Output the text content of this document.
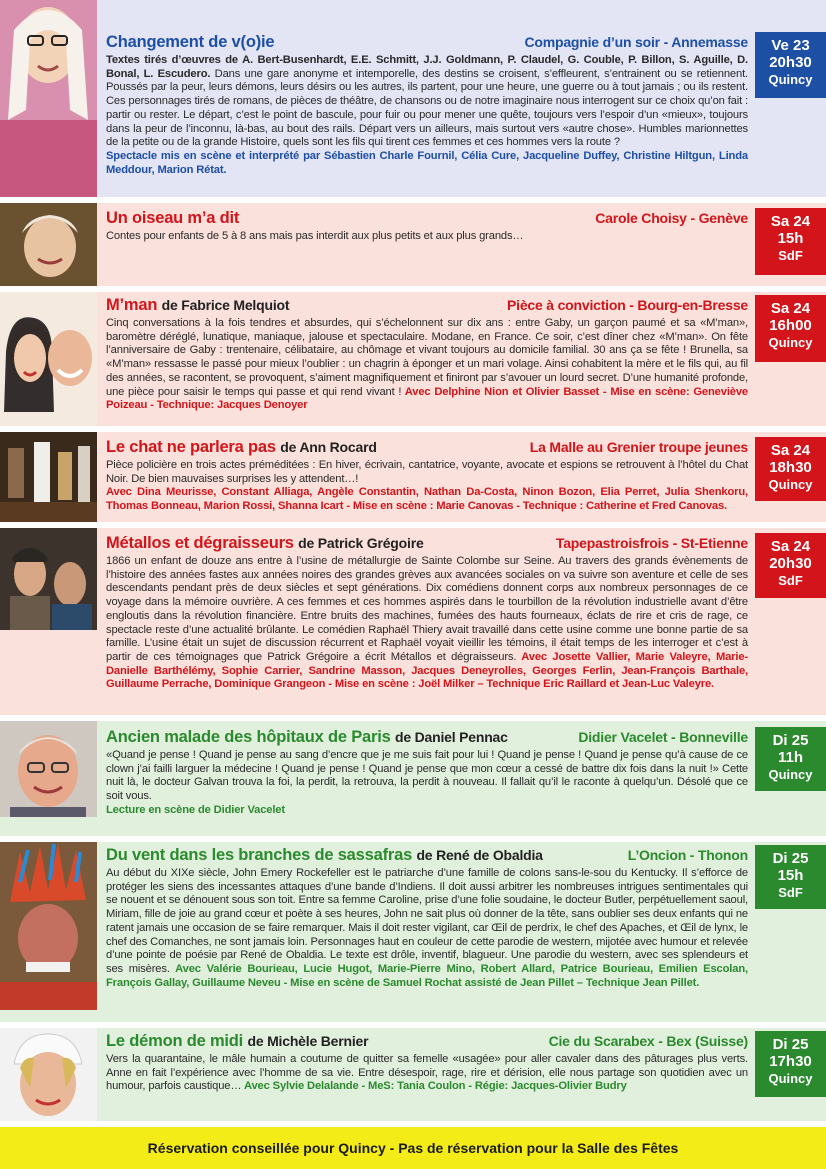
Changement de v(o)ie	Compagnie d’un soir - Annemasse

Textes tirés d’œuvres de A. Bert-Busenhardt, E.E. Schmitt, J.J. Goldmann, P. Claudel, G. Couble, P. Billon, S. Aguille, D. Bonal, L. Escudero. Dans une gare anonyme et intemporelle, des destins se croisent, s’effleurent, s’entrainent ou se retiennent. Poussés par la peur, leurs démons, leurs désirs ou les autres, ils partent, pour une heure, une guerre ou à tout jamais ; ou ils restent. Ces personnages tirés de romans, de pièces de théâtre, de chansons ou de notre imaginaire nous interrogent sur ce choix qu’on fait : partir ou rester. Le départ, c’est le point de bascule, pour fuir ou pour mener une quête, toujours vers l’espoir d’un «mieux», toujours dans la peur de l’inconnu, là-bas, au bout des rails. Départ vers un ailleurs, mais surtout vers «autre chose». Humbles marionnettes de la petite ou de la grande Histoire, quels sont les fils qui tirent ces femmes et ces hommes vers la route ?
Spectacle mis en scène et interprété par Sébastien Charle Fournil, Célia Cure, Jacqueline Duffey, Christine Hiltgun, Linda Meddour, Marion Rétat.

Ve 23
20h30
Quincy
Un oiseau m’a dit	Carole Choisy - Genève

Contes pour enfants de 5 à 8 ans mais pas interdit aux plus petits et aux plus grands…

Sa 24
15h
SdF
M’man de Fabrice Melquiot	Pièce à conviction - Bourg-en-Bresse

Cinq conversations à la fois tendres et absurdes, qui s’échelonnent sur dix ans : entre Gaby, un garçon paumé et sa «M’man», baromètre déréglé, lunatique, maniaque, jalouse et spectaculaire. Modane, en France. Ce soir, c’est dîner chez «M’man». On fête l’anniversaire de Gaby : trentenaire, célibataire, au chômage et vivant toujours au domicile familial. 30 ans ça se fête ! Brunella, sa «M’man» ressasse le passé pour mieux l’oublier : un chagrin à éponger et un mari volage. Ainsi cohabitent la mère et le fils qui, au fil des années, se racontent, se provoquent, s’aiment magnifiquement et finiront par s’avouer un lourd secret. D’une humanité profonde, une pièce pour saisir le temps qui passe et qui rend vivant ! Avec Delphine Nion et Olivier Basset - Mise en scène: Geneviève Poizeau - Technique: Jacques Denoyer

Sa 24
16h00
Quincy
Le chat ne parlera pas de Ann Rocard	La Malle au Grenier troupe jeunes

Pièce policière en trois actes préméditées : En hiver, écrivain, cantatrice, voyante, avocate et espions se retrouvent à l’hôtel du Chat Noir. De bien mauvaises surprises les y attendent…!
Avec Dina Meurisse, Constant Alliaga, Angèle Constantin, Nathan Da-Costa, Ninon Bozon, Elia Perret, Julia Shenkoru, Thomas Bonneau, Marion Rossi, Shanna Icart - Mise en scène : Marie Canovas - Technique : Catherine et Fred Canovas.

Sa 24
18h30
Quincy
Métallos et dégraisseurs de Patrick Grégoire	Tapepastroisfrois - St-Etienne

1866 un enfant de douze ans entre à l’usine de métallurgie de Sainte Colombe sur Seine. Au travers des grands évènements de l’histoire des années fastes aux années noires des grandes grèves aux avancées sociales on va suivre son aventure et celle de ses descendants pendant près de deux siècles et sept générations. Dix comédiens donnent corps aux nombreux personnages de ce voyage dans la mémoire ouvrière. A ces femmes et ces hommes aspirés dans le tourbillon de la révolution industrielle avant d’être engloutis dans la révolution financière. Entre bruits des machines, fumées des hauts fourneaux, éclats de rire et cris de rage, ce spectacle reste d’une actualité brûlante. Le comédien Raphaël Thiery avait travaillé dans cette usine comme une bonne partie de sa famille. L’usine était un sujet de discussion récurrent et Raphaël voyait vieillir les témoins, il était temps de les interroger et c’est à partir de ces témoignages que Patrick Grégoire a écrit Métallos et dégraisseurs. Avec Josette Vallier, Marie Valeyre, Marie-Danielle Barthélémy, Sophie Carrier, Sandrine Masson, Jacques Deneyrolles, Georges Ferlin, Jean-François Barthale, Guillaume Perrache, Dominique Grangeon - Mise en scène : Joël Milker – Technique Eric Raillard et Jean-Luc Valeyre.

Sa 24
20h30
SdF
Ancien malade des hôpitaux de Paris de Daniel Pennac	Didier Vacelet - Bonneville

«Quand je pense ! Quand je pense au sang d’encre que je me suis fait pour lui ! Quand je pense ! Quand je pense qu’à cause de ce clown j’ai failli larguer la médecine ! Quand je pense ! Quand je pense que mon cœur a cessé de battre dix fois dans la nuit !» Cette nuit là, le docteur Galvan trouva la foi, la perdit, la retrouva, la perdit à nouveau. Il fallait qu’il le raconte à quelqu’un. Désolé que ce soit vous.
Lecture en scène de Didier Vacelet

Di 25
11h
Quincy
Du vent dans les branches de sassafras de René de Obaldia	L’Oncion - Thonon

Au début du XIXe siècle, John Emery Rockefeller est le patriarche d’une famille de colons sans-le-sou du Kentucky. Il s’efforce de protéger les siens des incessantes attaques d’une bande d’Indiens. Il doit aussi arbitrer les nombreuses intrigues sentimentales qui se nouent et se dénouent sous son toit. Entre sa femme Caroline, prise d’une folie soudaine, le docteur Butler, perpétuellement saoul, Miriam, fille de joie au grand cœur et poète à ses heures, John ne sait plus où donner de la tête, sans oublier ses deux enfants qui ne ratent jamais une occasion de se faire remarquer. Mais il doit rester vigilant, car Œil de perdrix, le chef des Apaches, et Œil de lynx, le chef des Comanches, ne sont jamais loin. Personnages haut en couleur de cette parodie de western, mijotée avec humour et relevée d’une pointe de poésie par René de Obaldia. Le texte est drôle, inventif, blagueur. Une parodie du western, avec ses splendeurs et ses misères. Avec Valérie Bourieau, Lucie Hugot, Marie-Pierre Mino, Robert Allard, Patrice Bourieau, Emilien Escolan, François Gallay, Guillaume Neveu - Mise en scène de Samuel Rochat assisté de Jean Pillet – Technique Jean Pillet.

Di 25
15h
SdF
Le démon de midi de Michèle Bernier	Cie du Scarabex - Bex (Suisse)

Vers la quarantaine, le mâle humain a coutume de quitter sa femelle «usagée» pour aller cavaler dans des pâturages plus verts. Anne en fait l’expérience avec l’homme de sa vie. Entre désespoir, rage, rire et dérision, elle nous partage son quotidien avec un humour, parfois caustique… Avec Sylvie Delalande - MeS: Tania Coulon - Régie: Jacques-Olivier Budry

Di 25
17h30
Quincy
Réservation conseillée pour Quincy - Pas de réservation pour la Salle des Fêtes
